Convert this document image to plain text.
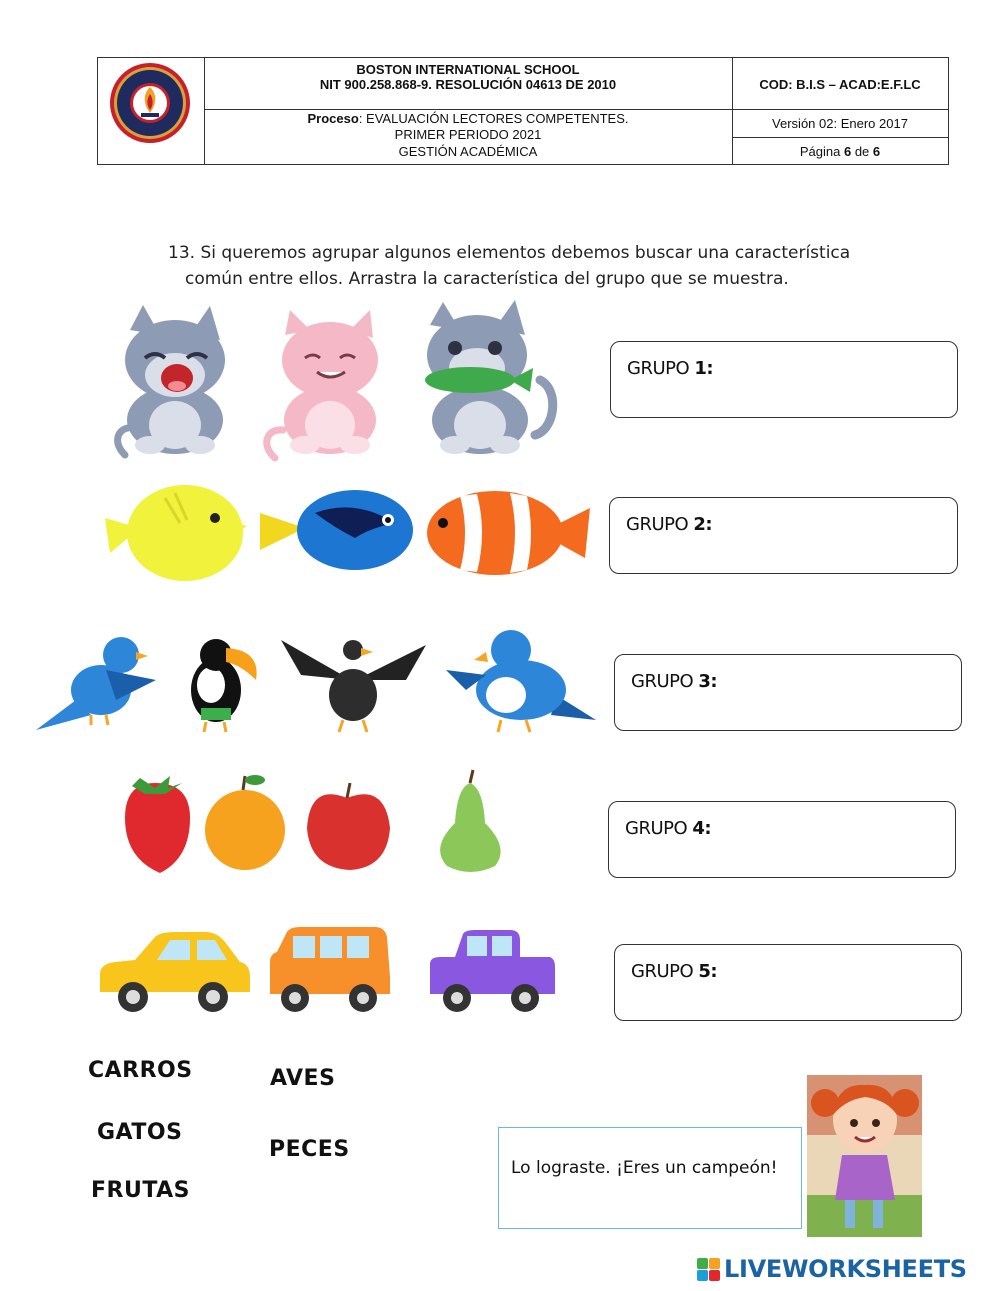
BOSTON INTERNATIONAL SCHOOL
NIT 900.258.868-9. RESOLUCIÓN 04613 DE 2010	COD: B.I.S – ACAD:E.F.LC
Proceso: EVALUACIÓN LECTORES COMPETENTES.
PRIMER PERIODO 2021
GESTIÓN ACADÉMICA
Versión 02: Enero 2017
Página 6 de 6
13. Si queremos agrupar algunos elementos debemos buscar una característica
común entre ellos. Arrastra la característica del grupo que se muestra.
GRUPO 1:
GRUPO 2:
GRUPO 3:
GRUPO 4:
GRUPO 5:
CARROS	AVES
GATOS
PECES
FRUTAS
Lo lograste. ¡Eres un campeón!
LIVEWORKSHEETS
